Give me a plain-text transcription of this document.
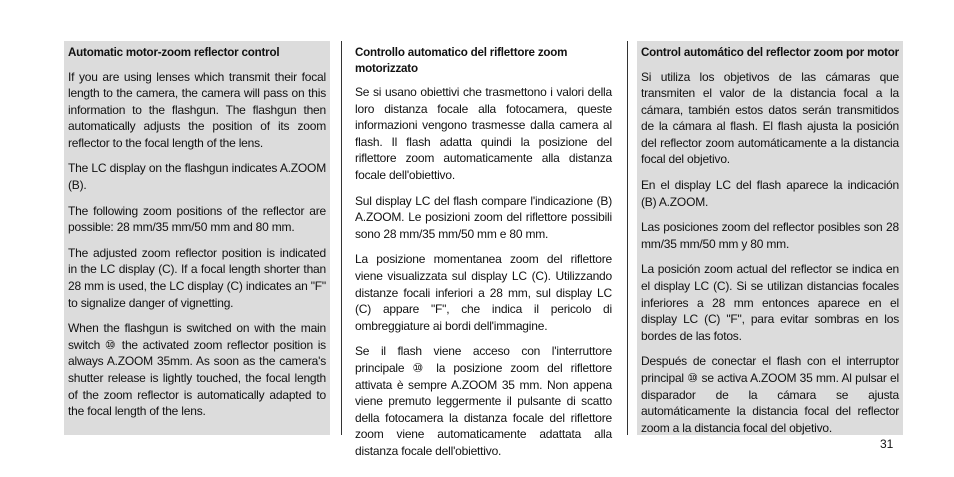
Automatic motor-zoom reflector control

If you are using lenses which transmit their focal length to the camera, the camera will pass on this information to the flashgun. The flashgun then automatically adjusts the position of its zoom reflector to the focal length of the lens.

The LC display on the flashgun indicates A.ZOOM (B).

The following zoom positions of the reflector are possible: 28 mm/35 mm/50 mm and 80 mm.

The adjusted zoom reflector position is indicated in the LC display (C). If a focal length shorter than 28 mm is used, the LC display (C) indicates an "F" to signalize danger of vignetting.

When the flashgun is switched on with the main switch ⑩ the activated zoom reflector position is always A.ZOOM 35mm. As soon as the camera's shutter release is lightly touched, the focal length of the zoom reflector is automatically adapted to the focal length of the lens.

Controllo automatico del riflettore zoom motorizzato

Se si usano obiettivi che trasmettono i valori della loro distanza focale alla fotocamera, queste informazioni vengono trasmesse dalla camera al flash. Il flash adatta quindi la posizione del riflettore zoom automaticamente alla distanza focale dell'obiettivo.

Sul display LC del flash compare l'indicazione (B) A.ZOOM. Le posizioni zoom del riflettore possibili sono 28 mm/35 mm/50 mm e 80 mm.

La posizione momentanea zoom del riflettore viene visualizzata sul display LC (C). Utilizzando distanze focali inferiori a 28 mm, sul display LC (C) appare "F", che indica il pericolo di ombreggiature ai bordi dell'immagine.

Se il flash viene acceso con l'interruttore principale ⑩ la posizione zoom del riflettore attivata è sempre A.ZOOM 35 mm. Non appena viene premuto leggermente il pulsante di scatto della fotocamera la distanza focale del riflettore zoom viene automaticamente adattata alla distanza focale dell'obiettivo.

Control automático del reflector zoom por motor

Si utiliza los objetivos de las cámaras que transmiten el valor de la distancia focal a la cámara, también estos datos serán transmitidos de la cámara al flash. El flash ajusta la posición del reflector zoom automáticamente a la distancia focal del objetivo.

En el display LC del flash aparece la indicación (B) A.ZOOM.

Las posiciones zoom del reflector posibles son 28 mm/35 mm/50 mm y 80 mm.

La posición zoom actual del reflector se indica en el display LC (C). Si se utilizan distancias focales inferiores a 28 mm entonces aparece en el display LC (C) "F", para evitar sombras en los bordes de las fotos.

Después de conectar el flash con el interruptor principal ⑩ se activa A.ZOOM 35 mm. Al pulsar el disparador de la cámara se ajusta automáticamente la distancia focal del reflector zoom a la distancia focal del objetivo.

31
